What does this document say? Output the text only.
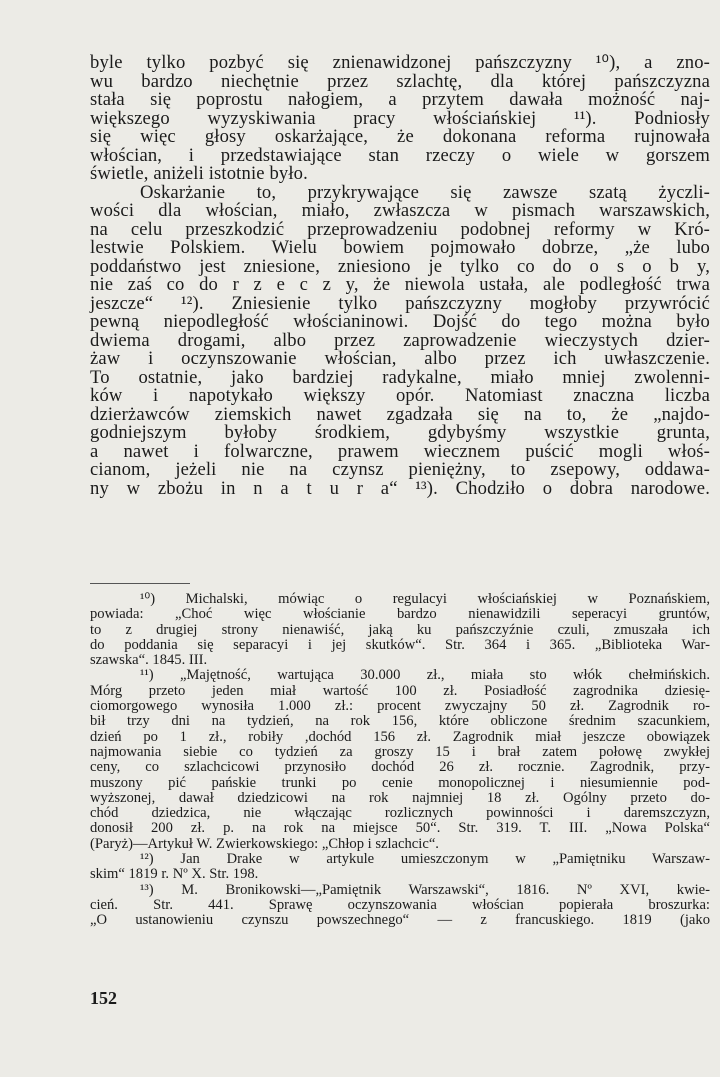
byle tylko pozbyć się znienawidzonej pańszczyzny ¹⁰), a zno-
wu bardzo niechętnie przez szlachtę, dla której pańszczyzna
stała się poprostu nałogiem, a przytem dawała możność naj-
większego wyzyskiwania pracy włościańskiej ¹¹). Podniosły
się więc głosy oskarżające, że dokonana reforma rujnowała
włościan, i przedstawiające stan rzeczy o wiele w gorszem
świetle, aniżeli istotnie było.
Oskarżanie to, przykrywające się zawsze szatą życzli-
wości dla włościan, miało, zwłaszcza w pismach warszawskich,
na celu przeszkodzić przeprowadzeniu podobnej reformy w Kró-
lestwie Polskiem. Wielu bowiem pojmowało dobrze, „że lubo
poddaństwo jest zniesione, zniesiono je tylko co do o s o b y,
nie zaś co do r z e c z y, że niewola ustała, ale podległość trwa
jeszcze“ ¹²). Zniesienie tylko pańszczyzny mogłoby przywrócić
pewną niepodległość włościaninowi. Dojść do tego można było
dwiema drogami, albo przez zaprowadzenie wieczystych dzier-
żaw i oczynszowanie włościan, albo przez ich uwłaszczenie.
To ostatnie, jako bardziej radykalne, miało mniej zwolenni-
ków i napotykało większy opór. Natomiast znaczna liczba
dzierżawców ziemskich nawet zgadzała się na to, że „najdo-
godniejszym byłoby środkiem, gdybyśmy wszystkie grunta,
a nawet i folwarczne, prawem wiecznem puścić mogli włoś-
cianom, jeżeli nie na czynsz pieniężny, to zsepowy, oddawa-
ny w zbożu in n a t u r a“ ¹³). Chodziło o dobra narodowe.
¹⁰) Michalski, mówiąc o regulacyi włościańskiej w Poznańskiem,
powiada: „Choć więc włościanie bardzo nienawidzili seperacyi gruntów,
to z drugiej strony nienawiść, jaką ku pańszczyźnie czuli, zmuszała ich
do poddania się separacyi i jej skutków“. Str. 364 i 365. „Biblioteka War-
szawska“. 1845. III.
¹¹) „Majętność, wartująca 30.000 zł., miała sto włók chełmińskich.
Mórg przeto jeden miał wartość 100 zł. Posiadłość zagrodnika dziesię-
ciomorgowego wynosiła 1.000 zł.: procent zwyczajny 50 zł. Zagrodnik ro-
bił trzy dni na tydzień, na rok 156, które obliczone średnim szacunkiem,
dzień po 1 zł., robiły ,dochód 156 zł. Zagrodnik miał jeszcze obowiązek
najmowania siebie co tydzień za groszy 15 i brał zatem połowę zwykłej
ceny, co szlachcicowi przynosiło dochód 26 zł. rocznie. Zagrodnik, przy-
muszony pić pańskie trunki po cenie monopolicznej i niesumiennie pod-
wyższonej, dawał dziedzicowi na rok najmniej 18 zł. Ogólny przeto do-
chód dziedzica, nie włączając rozlicznych powinności i daremszczyzn,
donosił 200 zł. p. na rok na miejsce 50“. Str. 319. T. III. „Nowa Polska“
(Paryż)—Artykuł W. Zwierkowskiego: „Chłop i szlachcic“.
¹²) Jan Drake w artykule umieszczonym w „Pamiętniku Warszaw-
skim“ 1819 r. Nº X. Str. 198.
¹³) M. Bronikowski—„Pamiętnik Warszawski“, 1816. Nº XVI, kwie-
cień. Str. 441. Sprawę oczynszowania włościan popierała broszurka:
„O ustanowieniu czynszu powszechnego“ — z francuskiego. 1819 (jako
152
